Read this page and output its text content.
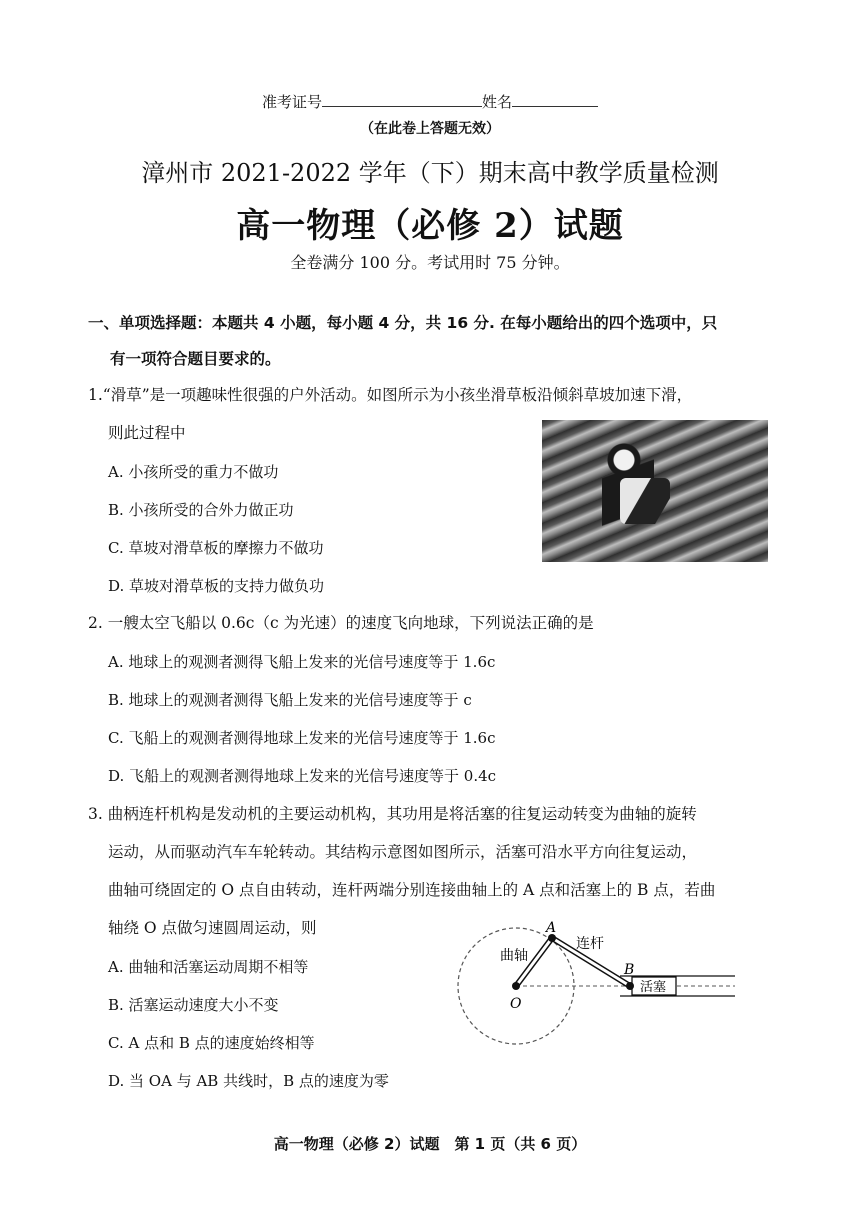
准考证号	姓名
（在此卷上答题无效）
漳州市 2021-2022 学年（下）期末高中教学质量检测
高一物理（必修 2）试题
全卷满分 100 分。考试用时 75 分钟。
一、单项选择题：本题共 4 小题，每小题 4 分，共 16 分. 在每小题给出的四个选项中，只
有一项符合题目要求的。
1.“滑草”是一项趣味性很强的户外活动。如图所示为小孩坐滑草板沿倾斜草坡加速下滑，
则此过程中
A. 小孩所受的重力不做功
B. 小孩所受的合外力做正功
C. 草坡对滑草板的摩擦力不做功
D. 草坡对滑草板的支持力做负功
2. 一艘太空飞船以 0.6c（c 为光速）的速度飞向地球，下列说法正确的是
A. 地球上的观测者测得飞船上发来的光信号速度等于 1.6c
B. 地球上的观测者测得飞船上发来的光信号速度等于 c
C. 飞船上的观测者测得地球上发来的光信号速度等于 1.6c
D. 飞船上的观测者测得地球上发来的光信号速度等于 0.4c
3. 曲柄连杆机构是发动机的主要运动机构，其功用是将活塞的往复运动转变为曲轴的旋转
运动，从而驱动汽车车轮转动。其结构示意图如图所示，活塞可沿水平方向往复运动，
曲轴可绕固定的 O 点自由转动，连杆两端分别连接曲轴上的 A 点和活塞上的 B 点，若曲
轴绕 O 点做匀速圆周运动，则
A. 曲轴和活塞运动周期不相等
B. 活塞运动速度大小不变
C. A 点和 B 点的速度始终相等
D. 当 OA 与 AB 共线时，B 点的速度为零
A
B
O
曲轴
连杆
活塞
高一物理（必修 2）试题　第 1 页（共 6 页）
